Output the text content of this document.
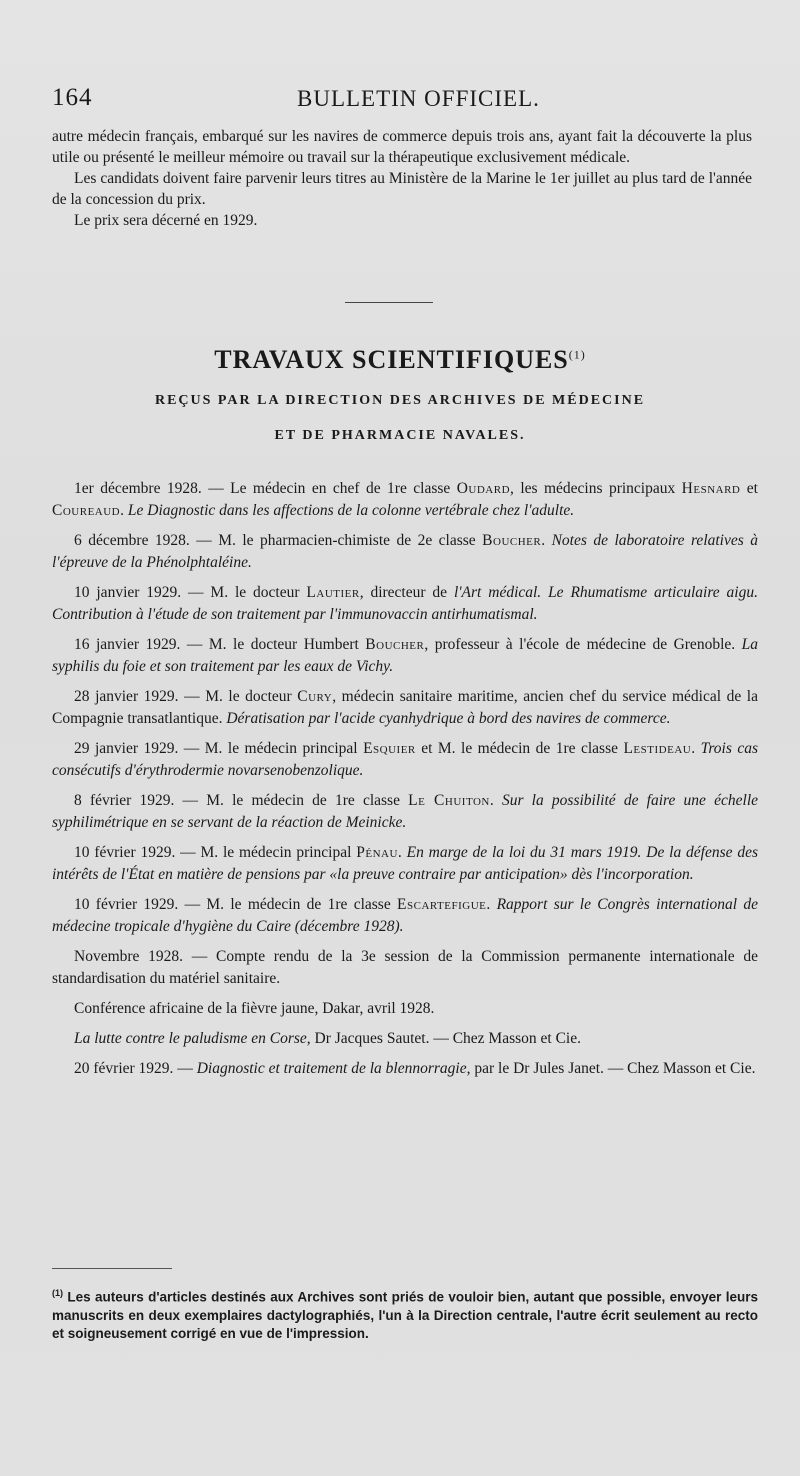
164	BULLETIN OFFICIEL.

autre médecin français, embarqué sur les navires de commerce depuis trois ans, ayant fait la découverte la plus utile ou présenté le meilleur mémoire ou travail sur la thérapeutique exclusivement médicale.

Les candidats doivent faire parvenir leurs titres au Ministère de la Marine le 1er juillet au plus tard de l'année de la concession du prix.

Le prix sera décerné en 1929.

TRAVAUX SCIENTIFIQUES$^{(1)}$
REÇUS PAR LA DIRECTION DES ARCHIVES DE MÉDECINE
ET DE PHARMACIE NAVALES.

1er décembre 1928. — Le médecin en chef de 1re classe Oudard, les médecins principaux Hesnard et Coureaud. Le Diagnostic dans les affections de la colonne vertébrale chez l'adulte.

6 décembre 1928. — M. le pharmacien-chimiste de 2e classe Boucher. Notes de laboratoire relatives à l'épreuve de la Phénolphtaléine.

10 janvier 1929. — M. le docteur Lautier, directeur de l'Art médical. Le Rhumatisme articulaire aigu. Contribution à l'étude de son traitement par l'immunovaccin antirhumatismal.

16 janvier 1929. — M. le docteur Humbert Boucher, professeur à l'école de médecine de Grenoble. La syphilis du foie et son traitement par les eaux de Vichy.

28 janvier 1929. — M. le docteur Cury, médecin sanitaire maritime, ancien chef du service médical de la Compagnie transatlantique. Dératisation par l'acide cyanhydrique à bord des navires de commerce.

29 janvier 1929. — M. le médecin principal Esquier et M. le médecin de 1re classe Lestideau. Trois cas consécutifs d'érythrodermie novarsenobenzolique.

8 février 1929. — M. le médecin de 1re classe Le Chuiton. Sur la possibilité de faire une échelle syphilimétrique en se servant de la réaction de Meinicke.

10 février 1929. — M. le médecin principal Pénau. En marge de la loi du 31 mars 1919. De la défense des intérêts de l'État en matière de pensions par «la preuve contraire par anticipation» dès l'incorporation.

10 février 1929. — M. le médecin de 1re classe Escartefigue. Rapport sur le Congrès international de médecine tropicale d'hygiène du Caire (décembre 1928).

Novembre 1928. — Compte rendu de la 3e session de la Commission permanente internationale de standardisation du matériel sanitaire.

Conférence africaine de la fièvre jaune, Dakar, avril 1928.

La lutte contre le paludisme en Corse, Dr Jacques Sautet. — Chez Masson et Cie.

20 février 1929. — Diagnostic et traitement de la blennorragie, par le Dr Jules Janet. — Chez Masson et Cie.

$^{(1)}$ Les auteurs d'articles destinés aux Archives sont priés de vouloir bien, autant que possible, envoyer leurs manuscrits en deux exemplaires dactylographiés, l'un à la Direction centrale, l'autre écrit seulement au recto et soigneusement corrigé en vue de l'impression.
